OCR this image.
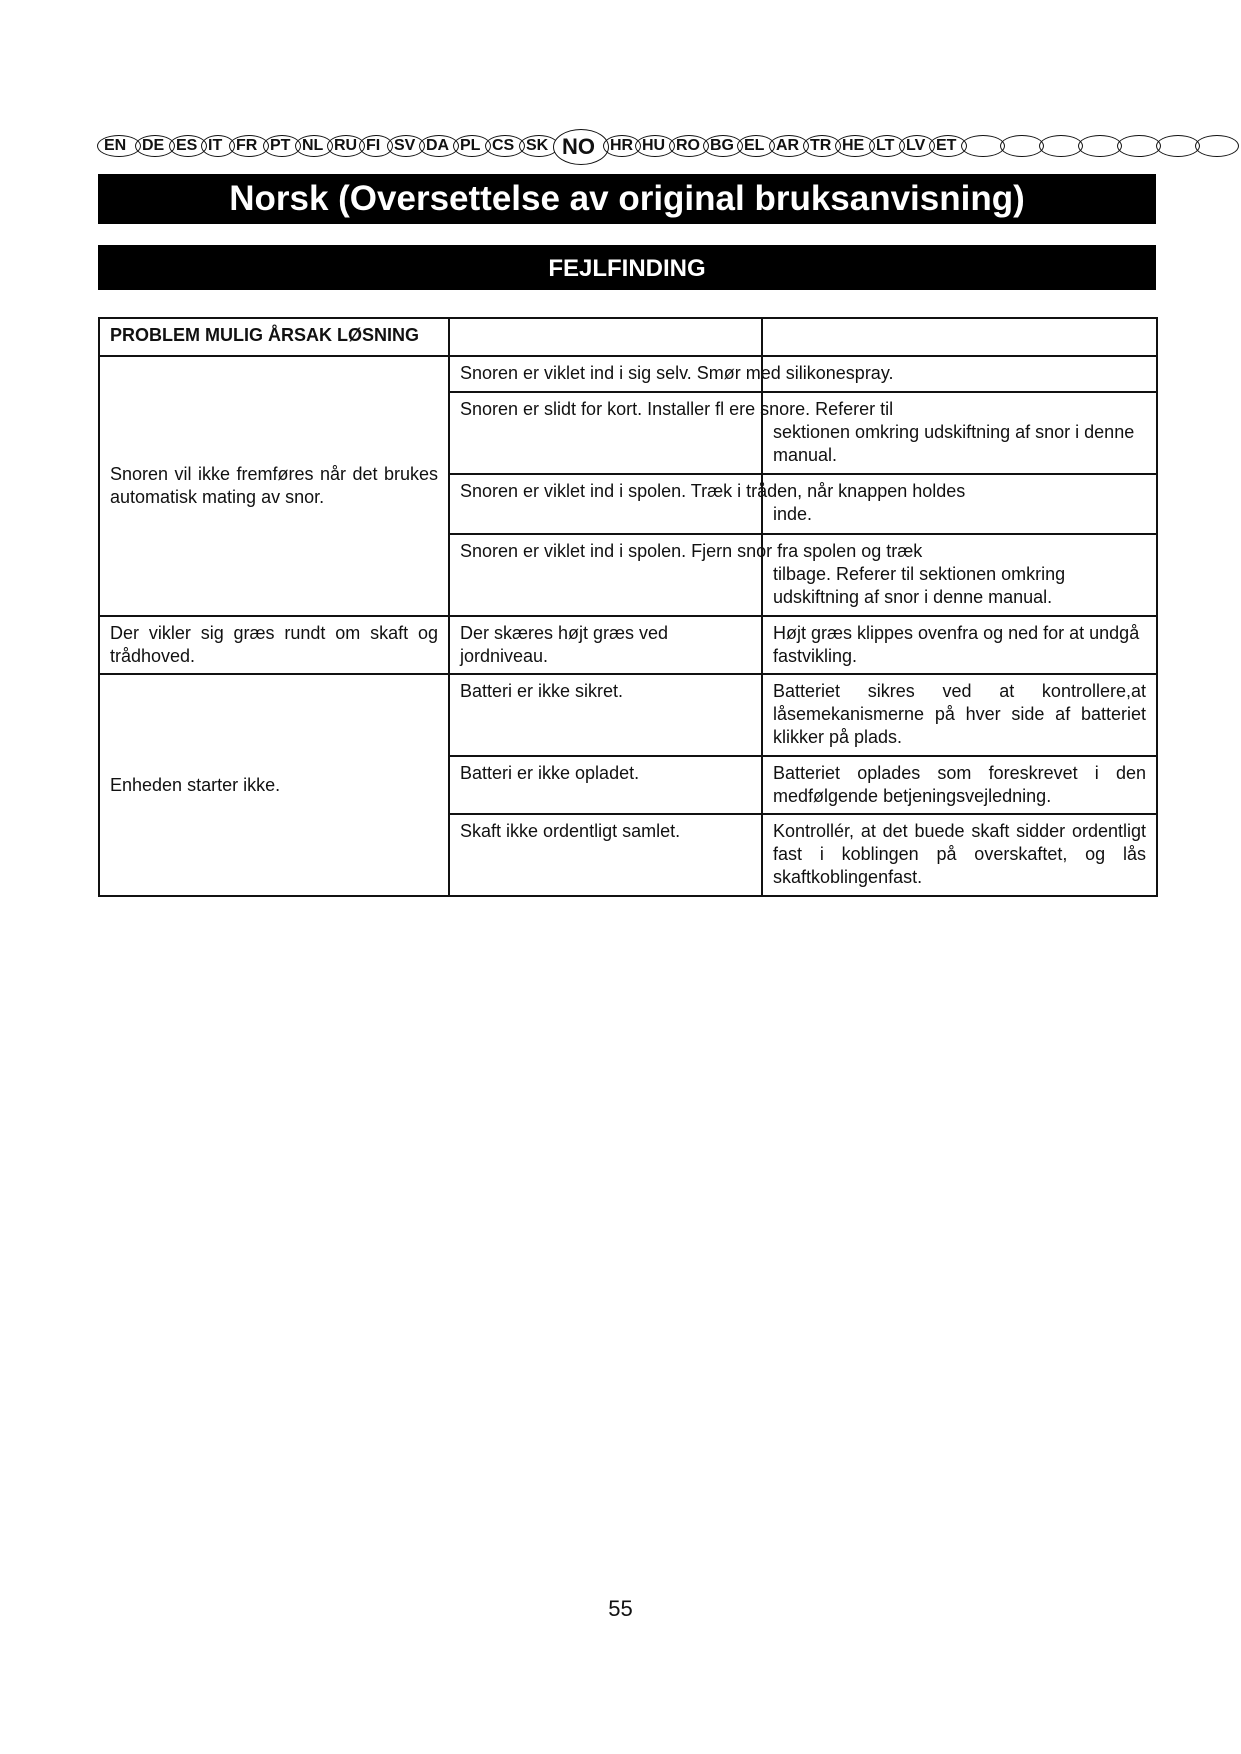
EN DE ES IT FR PT NL RU FI SV DA PL CS SK NO HR HU RO BG EL AR TR HE LT LV ET
Norsk (Oversettelse av original bruksanvisning)
FEJLFINDING
PROBLEM MULIG ÅRSAK LØSNING		
Snoren vil ikke fremføres når det brukes automatisk mating av snor.	Snoren er viklet ind i sig selv. Smør med silikonespray.	
	Snoren er slidt for kort. Installer fl ere snore. Referer til	sektionen omkring udskiftning af snor i denne manual.
	Snoren er viklet ind i spolen. Træk i tråden, når knappen holdes	inde.
	Snoren er viklet ind i spolen. Fjern snor fra spolen og træk	tilbage. Referer til sektionen omkring udskiftning af snor i denne manual.
Der vikler sig græs rundt om skaft og trådhoved.	Der skæres højt græs ved jordniveau.	Højt græs klippes ovenfra og ned for at undgå fastvikling.
Enheden starter ikke.	Batteri er ikke sikret.	Batteriet sikres ved at kontrollere,at låsemekanismerne på hver side af batteriet klikker på plads.
	Batteri er ikke opladet.	Batteriet oplades som foreskrevet i den medfølgende betjeningsvejledning.
	Skaft ikke ordentligt samlet.	Kontrollér, at det buede skaft sidder ordentligt fast i koblingen på overskaftet, og lås skaftkoblingenfast.
55
